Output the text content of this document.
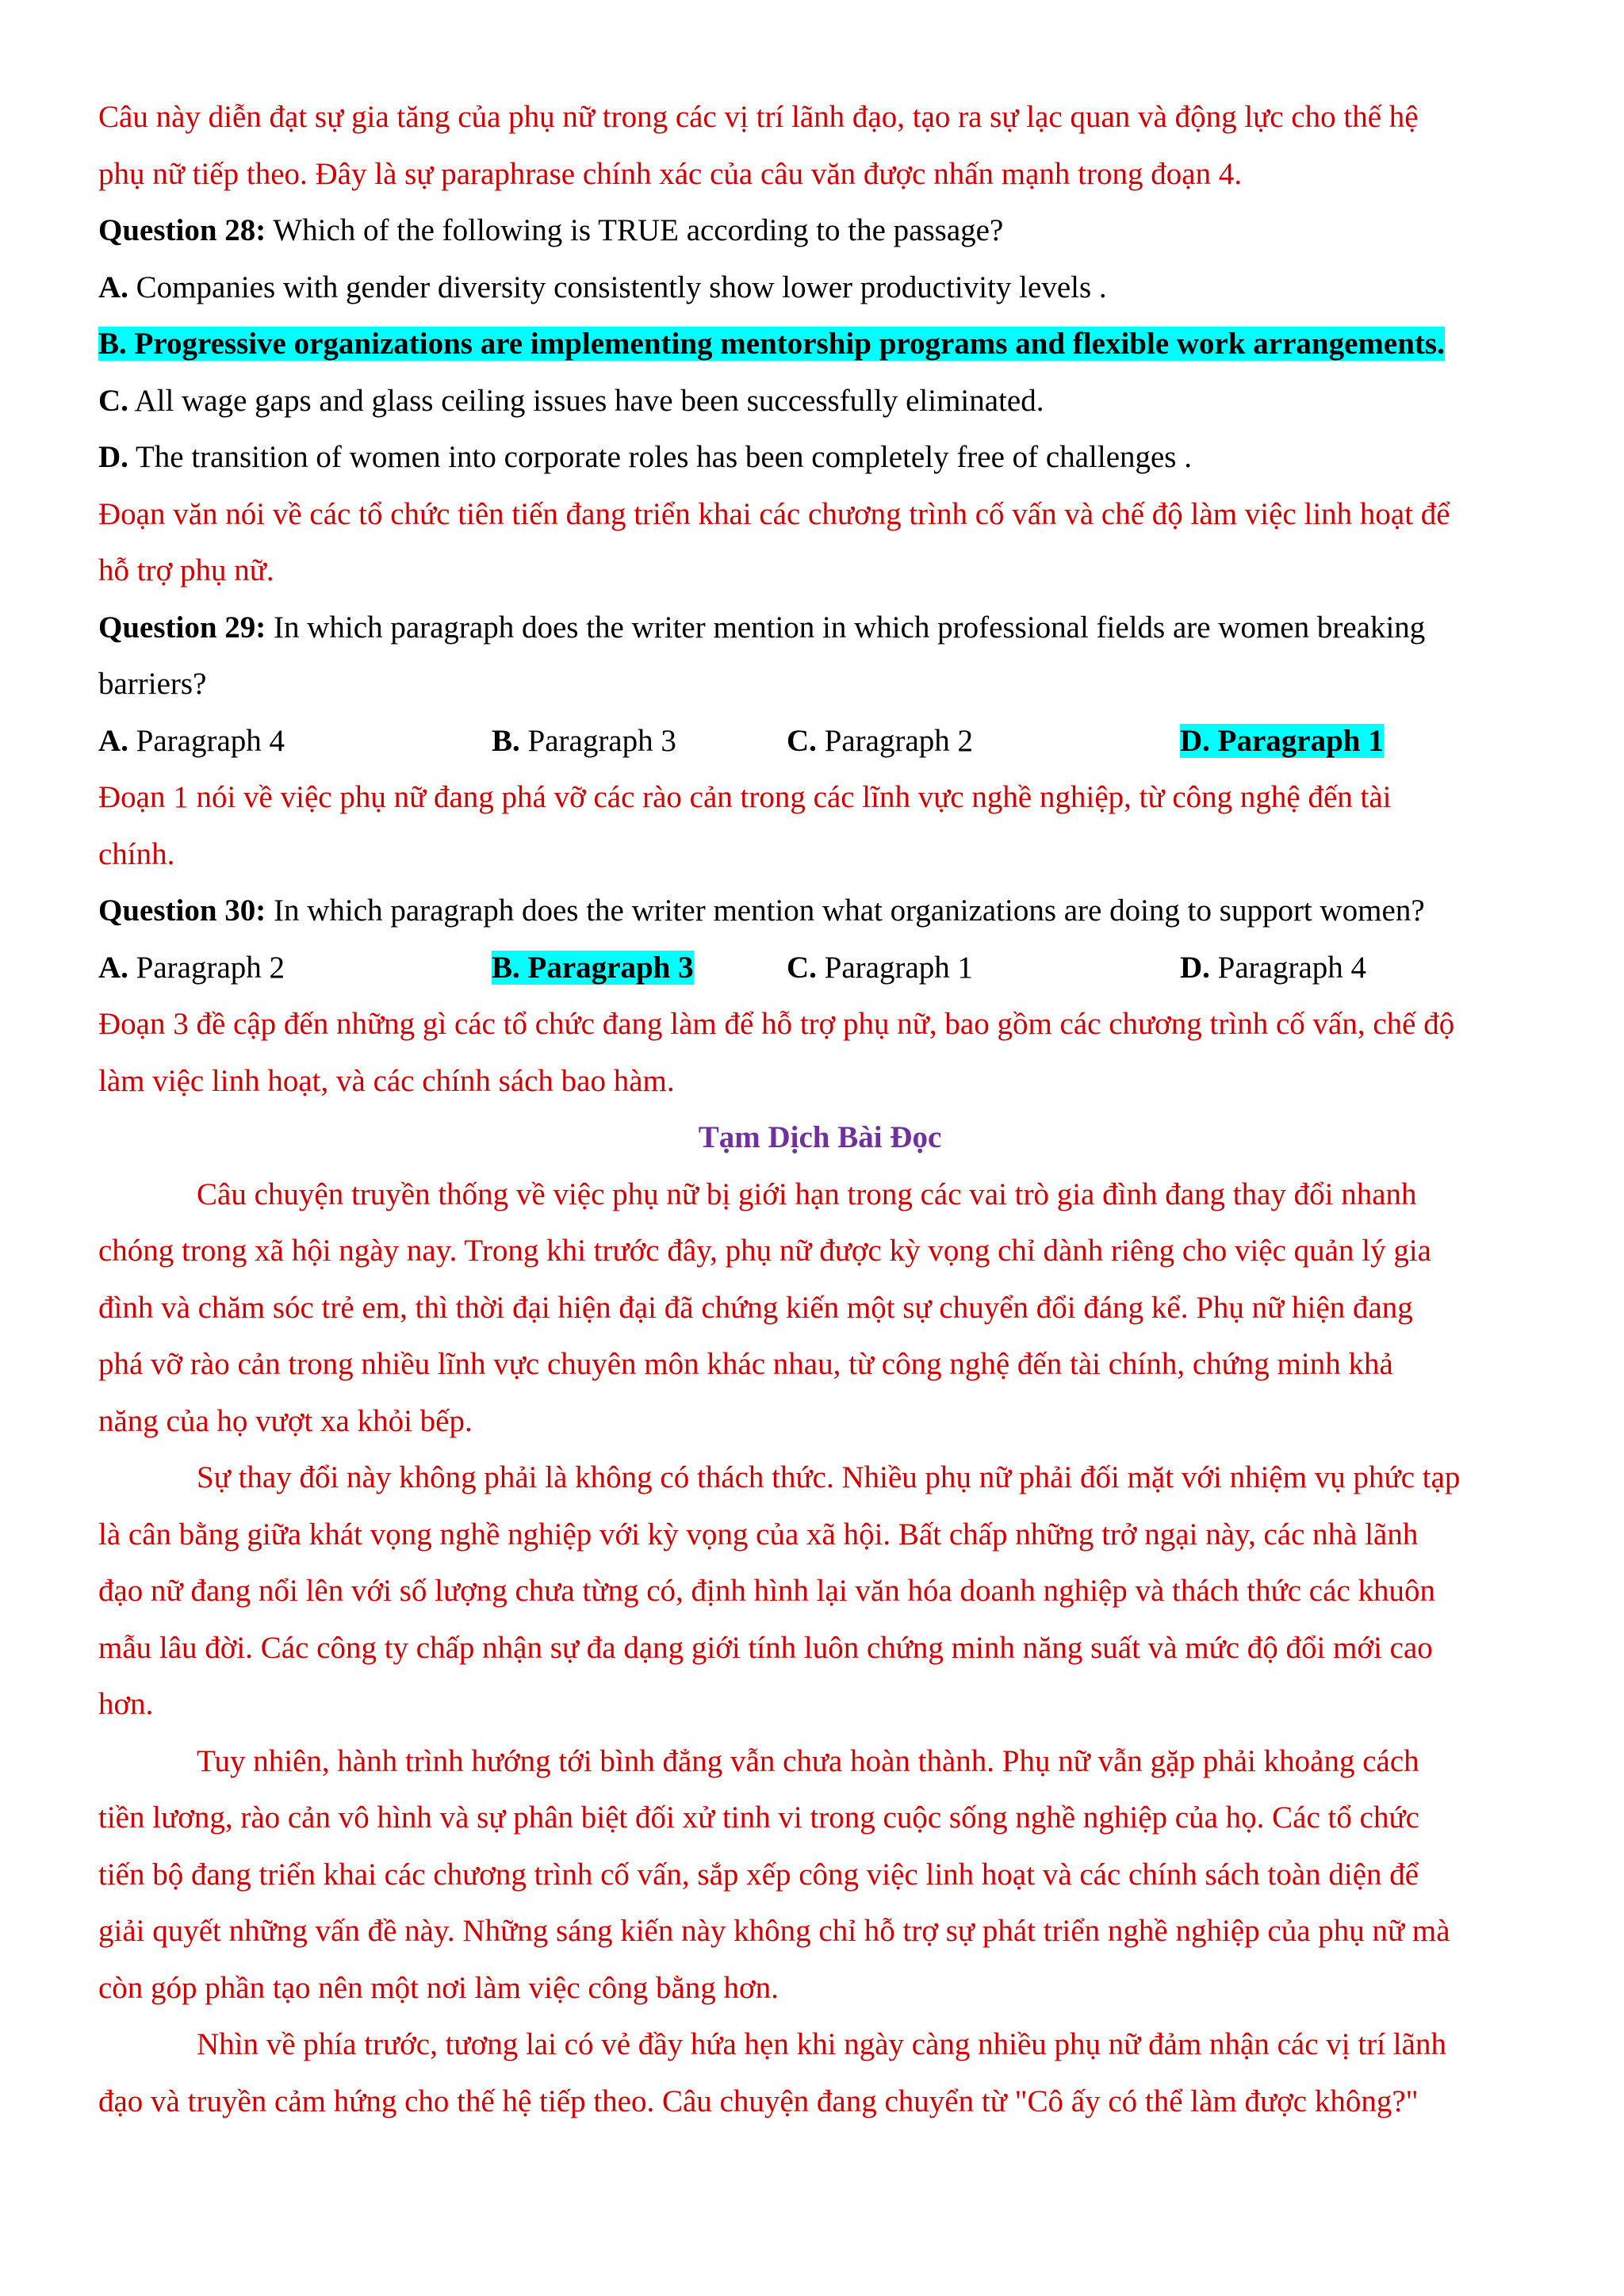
Câu này diễn đạt sự gia tăng của phụ nữ trong các vị trí lãnh đạo, tạo ra sự lạc quan và động lực cho thế hệ
phụ nữ tiếp theo. Đây là sự paraphrase chính xác của câu văn được nhấn mạnh trong đoạn 4.
Question 28: Which of the following is TRUE according to the passage?
A. Companies with gender diversity consistently show lower productivity levels .
B. Progressive organizations are implementing mentorship programs and flexible work arrangements.
C. All wage gaps and glass ceiling issues have been successfully eliminated.
D. The transition of women into corporate roles has been completely free of challenges .
Đoạn văn nói về các tổ chức tiên tiến đang triển khai các chương trình cố vấn và chế độ làm việc linh hoạt để
hỗ trợ phụ nữ.
Question 29: In which paragraph does the writer mention in which professional fields are women breaking
barriers?
A. Paragraph 4	B. Paragraph 3	C. Paragraph 2	D. Paragraph 1
Đoạn 1 nói về việc phụ nữ đang phá vỡ các rào cản trong các lĩnh vực nghề nghiệp, từ công nghệ đến tài
chính.
Question 30: In which paragraph does the writer mention what organizations are doing to support women?
A. Paragraph 2	B. Paragraph 3	C. Paragraph 1	D. Paragraph 4
Đoạn 3 đề cập đến những gì các tổ chức đang làm để hỗ trợ phụ nữ, bao gồm các chương trình cố vấn, chế độ
làm việc linh hoạt, và các chính sách bao hàm.
Tạm Dịch Bài Đọc
Câu chuyện truyền thống về việc phụ nữ bị giới hạn trong các vai trò gia đình đang thay đổi nhanh
chóng trong xã hội ngày nay. Trong khi trước đây, phụ nữ được kỳ vọng chỉ dành riêng cho việc quản lý gia
đình và chăm sóc trẻ em, thì thời đại hiện đại đã chứng kiến một sự chuyển đổi đáng kể. Phụ nữ hiện đang
phá vỡ rào cản trong nhiều lĩnh vực chuyên môn khác nhau, từ công nghệ đến tài chính, chứng minh khả
năng của họ vượt xa khỏi bếp.
Sự thay đổi này không phải là không có thách thức. Nhiều phụ nữ phải đối mặt với nhiệm vụ phức tạp
là cân bằng giữa khát vọng nghề nghiệp với kỳ vọng của xã hội. Bất chấp những trở ngại này, các nhà lãnh
đạo nữ đang nổi lên với số lượng chưa từng có, định hình lại văn hóa doanh nghiệp và thách thức các khuôn
mẫu lâu đời. Các công ty chấp nhận sự đa dạng giới tính luôn chứng minh năng suất và mức độ đổi mới cao
hơn.
Tuy nhiên, hành trình hướng tới bình đẳng vẫn chưa hoàn thành. Phụ nữ vẫn gặp phải khoảng cách
tiền lương, rào cản vô hình và sự phân biệt đối xử tinh vi trong cuộc sống nghề nghiệp của họ. Các tổ chức
tiến bộ đang triển khai các chương trình cố vấn, sắp xếp công việc linh hoạt và các chính sách toàn diện để
giải quyết những vấn đề này. Những sáng kiến này không chỉ hỗ trợ sự phát triển nghề nghiệp của phụ nữ mà
còn góp phần tạo nên một nơi làm việc công bằng hơn.
Nhìn về phía trước, tương lai có vẻ đầy hứa hẹn khi ngày càng nhiều phụ nữ đảm nhận các vị trí lãnh
đạo và truyền cảm hứng cho thế hệ tiếp theo. Câu chuyện đang chuyển từ "Cô ấy có thể làm được không?"
